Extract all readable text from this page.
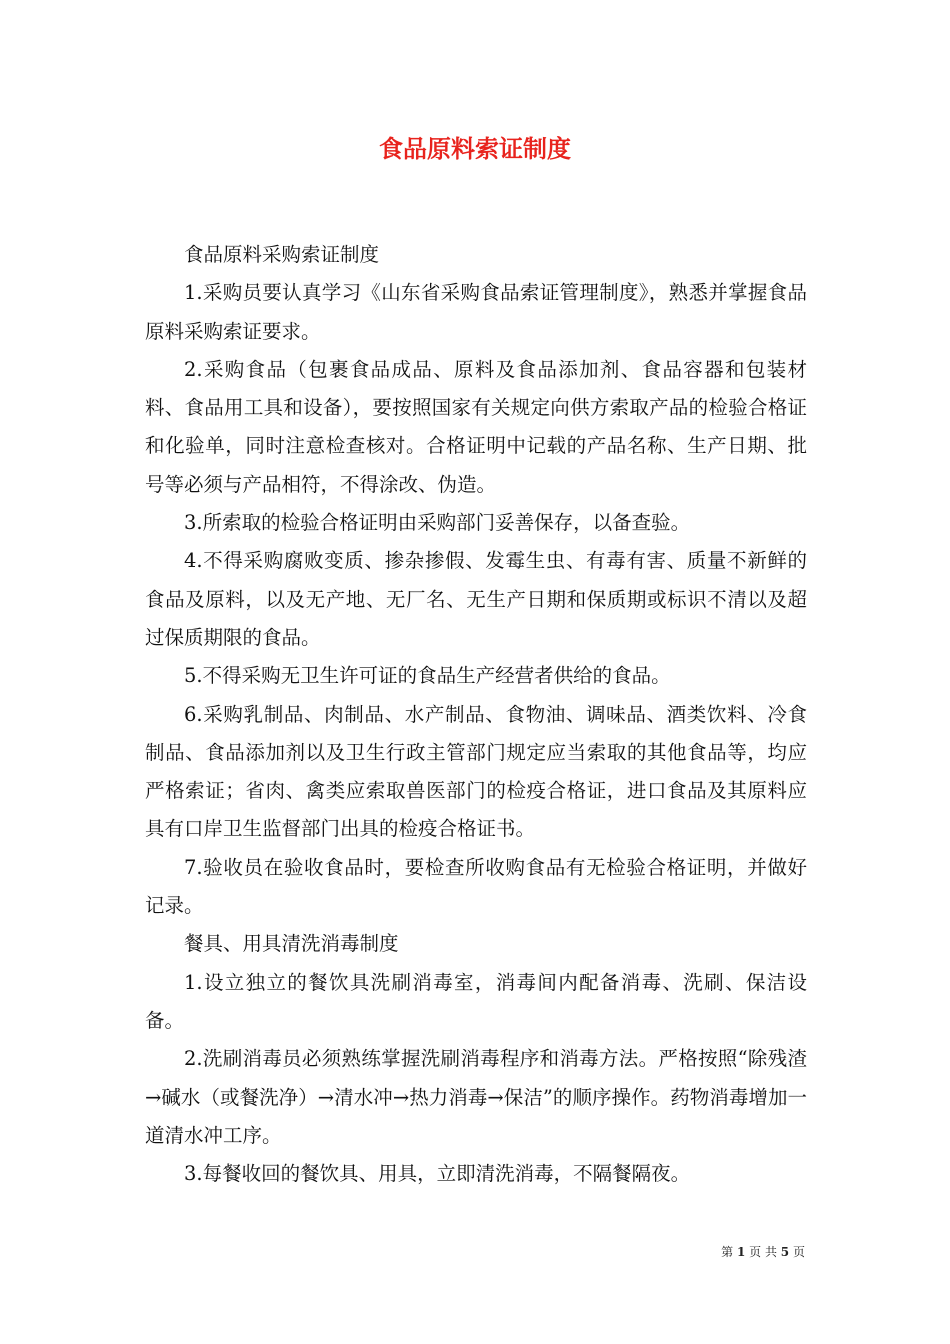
食品原料索证制度

食品原料采购索证制度

1.采购员要认真学习《山东省采购食品索证管理制度》，熟悉并掌握食品原料采购索证要求。

2.采购食品（包裹食品成品、原料及食品添加剂、食品容器和包装材料、食品用工具和设备），要按照国家有关规定向供方索取产品的检验合格证和化验单，同时注意检查核对。合格证明中记载的产品名称、生产日期、批号等必须与产品相符，不得涂改、伪造。

3.所索取的检验合格证明由采购部门妥善保存，以备查验。

4.不得采购腐败变质、掺杂掺假、发霉生虫、有毒有害、质量不新鲜的食品及原料，以及无产地、无厂名、无生产日期和保质期或标识不清以及超过保质期限的食品。

5.不得采购无卫生许可证的食品生产经营者供给的食品。

6.采购乳制品、肉制品、水产制品、食物油、调味品、酒类饮料、冷食制品、食品添加剂以及卫生行政主管部门规定应当索取的其他食品等，均应严格索证；省肉、禽类应索取兽医部门的检疫合格证，进口食品及其原料应具有口岸卫生监督部门出具的检疫合格证书。

7.验收员在验收食品时，要检查所收购食品有无检验合格证明，并做好记录。

餐具、用具清洗消毒制度

1.设立独立的餐饮具洗刷消毒室，消毒间内配备消毒、洗刷、保洁设备。

2.洗刷消毒员必须熟练掌握洗刷消毒程序和消毒方法。严格按照“除残渣→碱水（或餐洗净）→清水冲→热力消毒→保洁”的顺序操作。药物消毒增加一道清水冲工序。

3.每餐收回的餐饮具、用具，立即清洗消毒，不隔餐隔夜。

第 1 页 共 5 页
